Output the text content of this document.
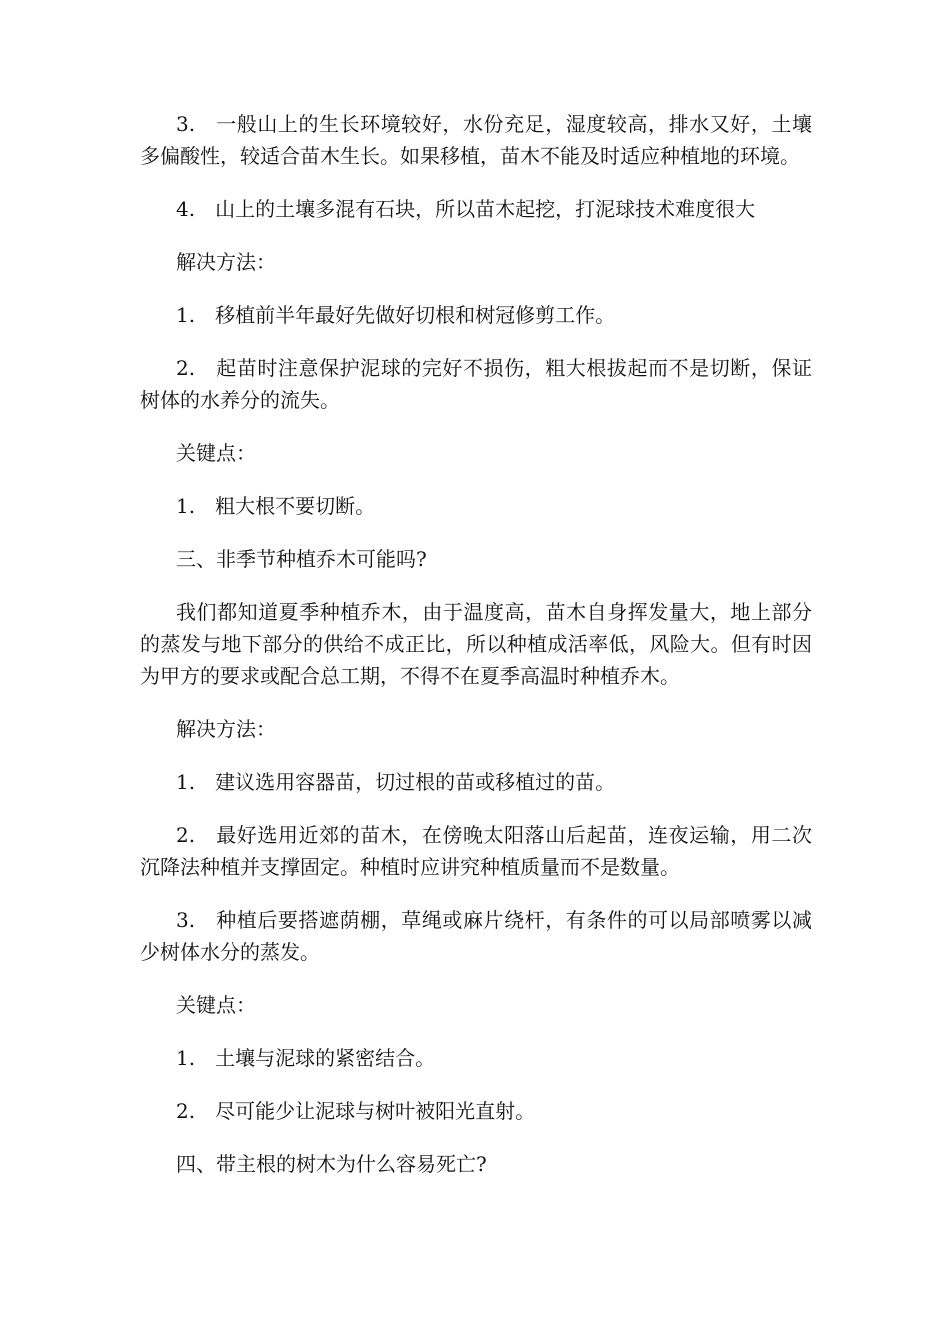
3.　一般山上的生长环境较好，水份充足，湿度较高，排水又好，土壤多偏酸性，较适合苗木生长。如果移植，苗木不能及时适应种植地的环境。

4.　山上的土壤多混有石块，所以苗木起挖，打泥球技术难度很大

解决方法：

1.　移植前半年最好先做好切根和树冠修剪工作。

2.　起苗时注意保护泥球的完好不损伤，粗大根拔起而不是切断，保证树体的水养分的流失。

关键点：

1.　粗大根不要切断。

三、非季节种植乔木可能吗?

我们都知道夏季种植乔木，由于温度高，苗木自身挥发量大，地上部分的蒸发与地下部分的供给不成正比，所以种植成活率低，风险大。但有时因为甲方的要求或配合总工期，不得不在夏季高温时种植乔木。

解决方法：

1.　建议选用容器苗，切过根的苗或移植过的苗。

2.　最好选用近郊的苗木，在傍晚太阳落山后起苗，连夜运输，用二次沉降法种植并支撑固定。种植时应讲究种植质量而不是数量。

3.　种植后要搭遮荫棚，草绳或麻片绕杆，有条件的可以局部喷雾以减少树体水分的蒸发。

关键点：

1.　土壤与泥球的紧密结合。

2.　尽可能少让泥球与树叶被阳光直射。

四、带主根的树木为什么容易死亡?
